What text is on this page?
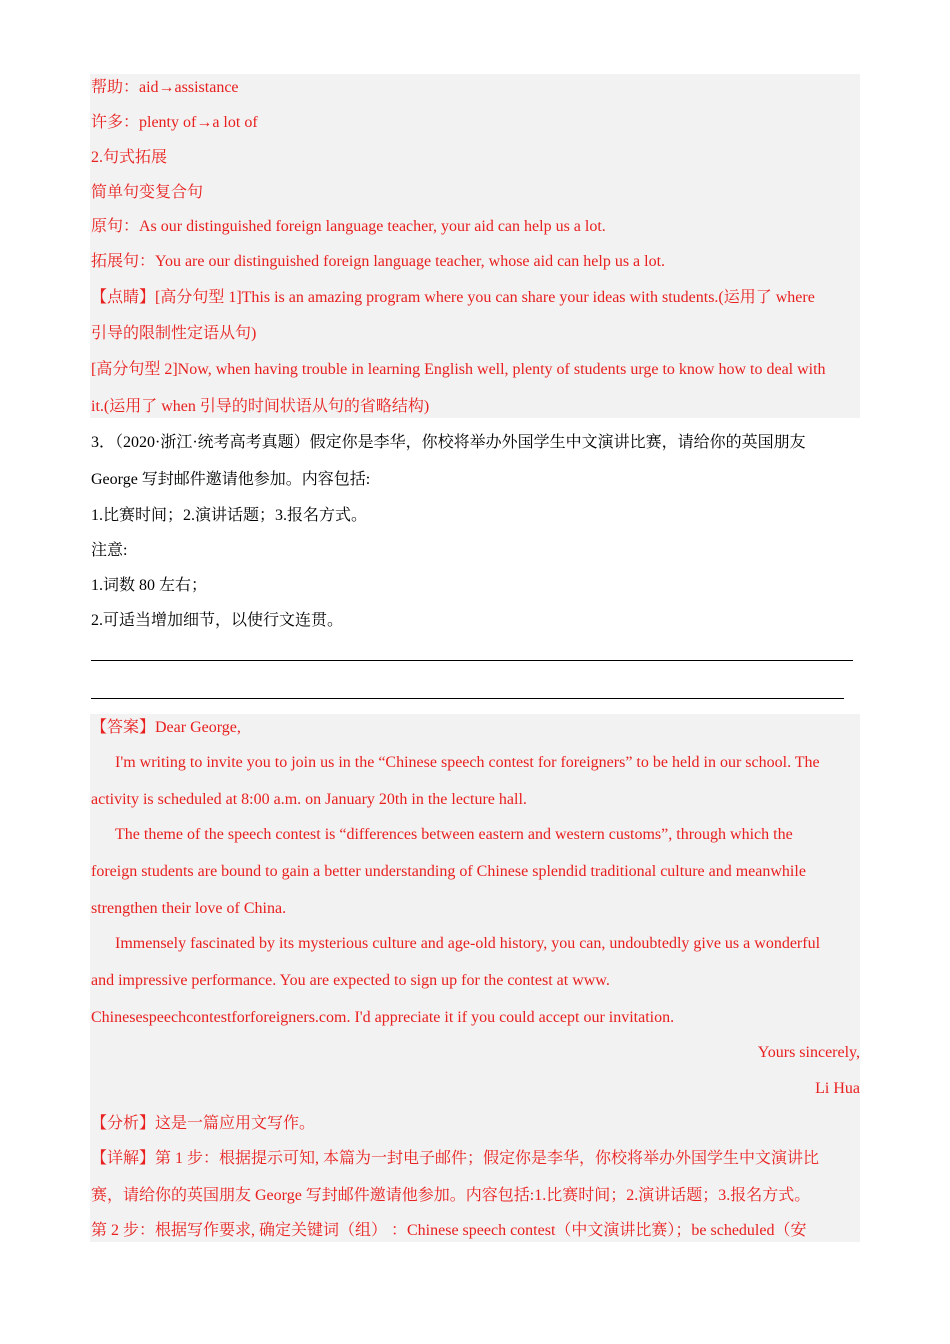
帮助：aid→assistance
许多：plenty of→a lot of
2.句式拓展
简单句变复合句
原句：As our distinguished foreign language teacher, your aid can help us a lot.
拓展句：You are our distinguished foreign language teacher, whose aid can help us a lot.
【点睛】[高分句型 1]This is an amazing program where you can share your ideas with students.(运用了 where
引导的限制性定语从句)
[高分句型 2]Now, when having trouble in learning English well, plenty of students urge to know how to deal with
it.(运用了 when 引导的时间状语从句的省略结构)
3．（2020·浙江·统考高考真题）假定你是李华，你校将举办外国学生中文演讲比赛，请给你的英国朋友
George 写封邮件邀请他参加。内容包括:
1.比赛时间；2.演讲话题；3.报名方式。
注意:
1.词数 80 左右；
2.可适当增加细节，以使行文连贯。
【答案】Dear George,
I'm writing to invite you to join us in the “Chinese speech contest for foreigners” to be held in our school. The
activity is scheduled at 8:00 a.m. on January 20th in the lecture hall.
The theme of the speech contest is “differences between eastern and western customs”, through which the
foreign students are bound to gain a better understanding of Chinese splendid traditional culture and meanwhile
strengthen their love of China.
Immensely fascinated by its mysterious culture and age-old history, you can, undoubtedly give us a wonderful
and impressive performance. You are expected to sign up for the contest at www.
Chinesespeechcontestforforeigners.com. I'd appreciate it if you could accept our invitation.
Yours sincerely,
Li Hua
【分析】这是一篇应用文写作。
【详解】第 1 步：根据提示可知, 本篇为一封电子邮件；假定你是李华，你校将举办外国学生中文演讲比
赛，请给你的英国朋友 George 写封邮件邀请他参加。内容包括:1.比赛时间；2.演讲话题；3.报名方式。
第 2 步：根据写作要求, 确定关键词（组） ：Chinese speech contest（中文演讲比赛）；be scheduled（安
